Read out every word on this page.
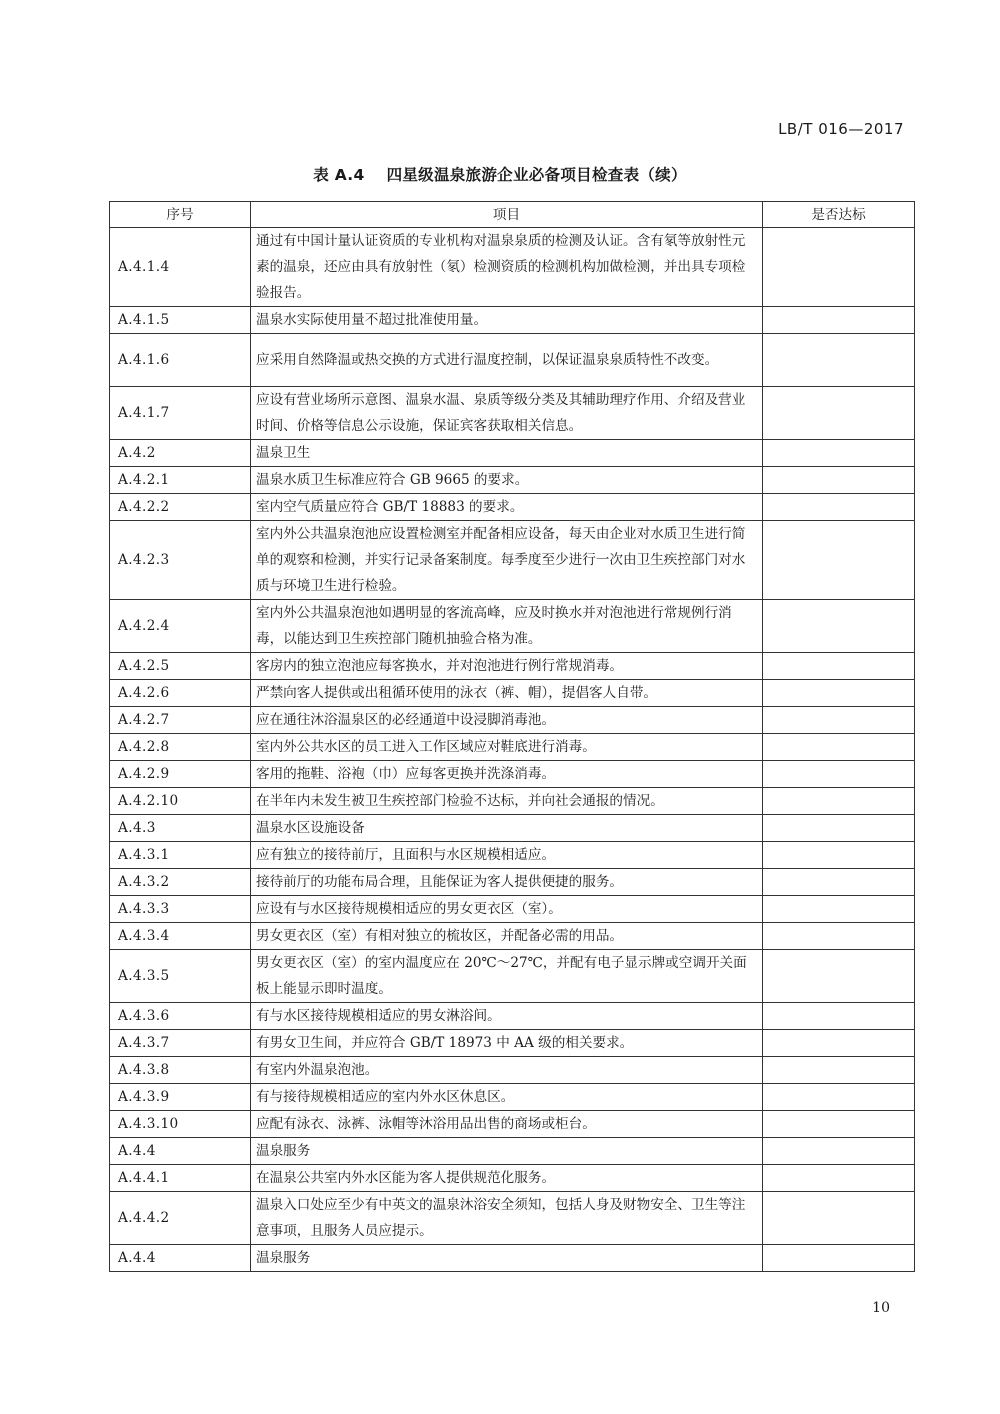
LB/T 016—2017
表 A.4 四星级温泉旅游企业必备项目检查表（续）
序号	项目	是否达标
A.4.1.4	通过有中国计量认证资质的专业机构对温泉泉质的检测及认证。含有氡等放射性元素的温泉，还应由具有放射性（氡）检测资质的检测机构加做检测，并出具专项检验报告。	
A.4.1.5	温泉水实际使用量不超过批准使用量。	
A.4.1.6	应采用自然降温或热交换的方式进行温度控制，以保证温泉泉质特性不改变。	
A.4.1.7	应设有营业场所示意图、温泉水温、泉质等级分类及其辅助理疗作用、介绍及营业时间、价格等信息公示设施，保证宾客获取相关信息。	
A.4.2	温泉卫生	
A.4.2.1	温泉水质卫生标准应符合 GB 9665 的要求。	
A.4.2.2	室内空气质量应符合 GB/T 18883 的要求。	
A.4.2.3	室内外公共温泉泡池应设置检测室并配备相应设备，每天由企业对水质卫生进行简单的观察和检测，并实行记录备案制度。每季度至少进行一次由卫生疾控部门对水质与环境卫生进行检验。	
A.4.2.4	室内外公共温泉泡池如遇明显的客流高峰，应及时换水并对泡池进行常规例行消毒，以能达到卫生疾控部门随机抽验合格为准。	
A.4.2.5	客房内的独立泡池应每客换水，并对泡池进行例行常规消毒。	
A.4.2.6	严禁向客人提供或出租循环使用的泳衣（裤、帽），提倡客人自带。	
A.4.2.7	应在通往沐浴温泉区的必经通道中设浸脚消毒池。	
A.4.2.8	室内外公共水区的员工进入工作区域应对鞋底进行消毒。	
A.4.2.9	客用的拖鞋、浴袍（巾）应每客更换并洗涤消毒。	
A.4.2.10	在半年内未发生被卫生疾控部门检验不达标，并向社会通报的情况。	
A.4.3	温泉水区设施设备	
A.4.3.1	应有独立的接待前厅，且面积与水区规模相适应。	
A.4.3.2	接待前厅的功能布局合理，且能保证为客人提供便捷的服务。	
A.4.3.3	应设有与水区接待规模相适应的男女更衣区（室）。	
A.4.3.4	男女更衣区（室）有相对独立的梳妆区，并配备必需的用品。	
A.4.3.5	男女更衣区（室）的室内温度应在 20℃～27℃，并配有电子显示牌或空调开关面板上能显示即时温度。	
A.4.3.6	有与水区接待规模相适应的男女淋浴间。	
A.4.3.7	有男女卫生间，并应符合 GB/T 18973 中 AA 级的相关要求。	
A.4.3.8	有室内外温泉泡池。	
A.4.3.9	有与接待规模相适应的室内外水区休息区。	
A.4.3.10	应配有泳衣、泳裤、泳帽等沐浴用品出售的商场或柜台。	
A.4.4	温泉服务	
A.4.4.1	在温泉公共室内外水区能为客人提供规范化服务。	
A.4.4.2	温泉入口处应至少有中英文的温泉沐浴安全须知，包括人身及财物安全、卫生等注意事项，且服务人员应提示。	
A.4.4	温泉服务	
10
